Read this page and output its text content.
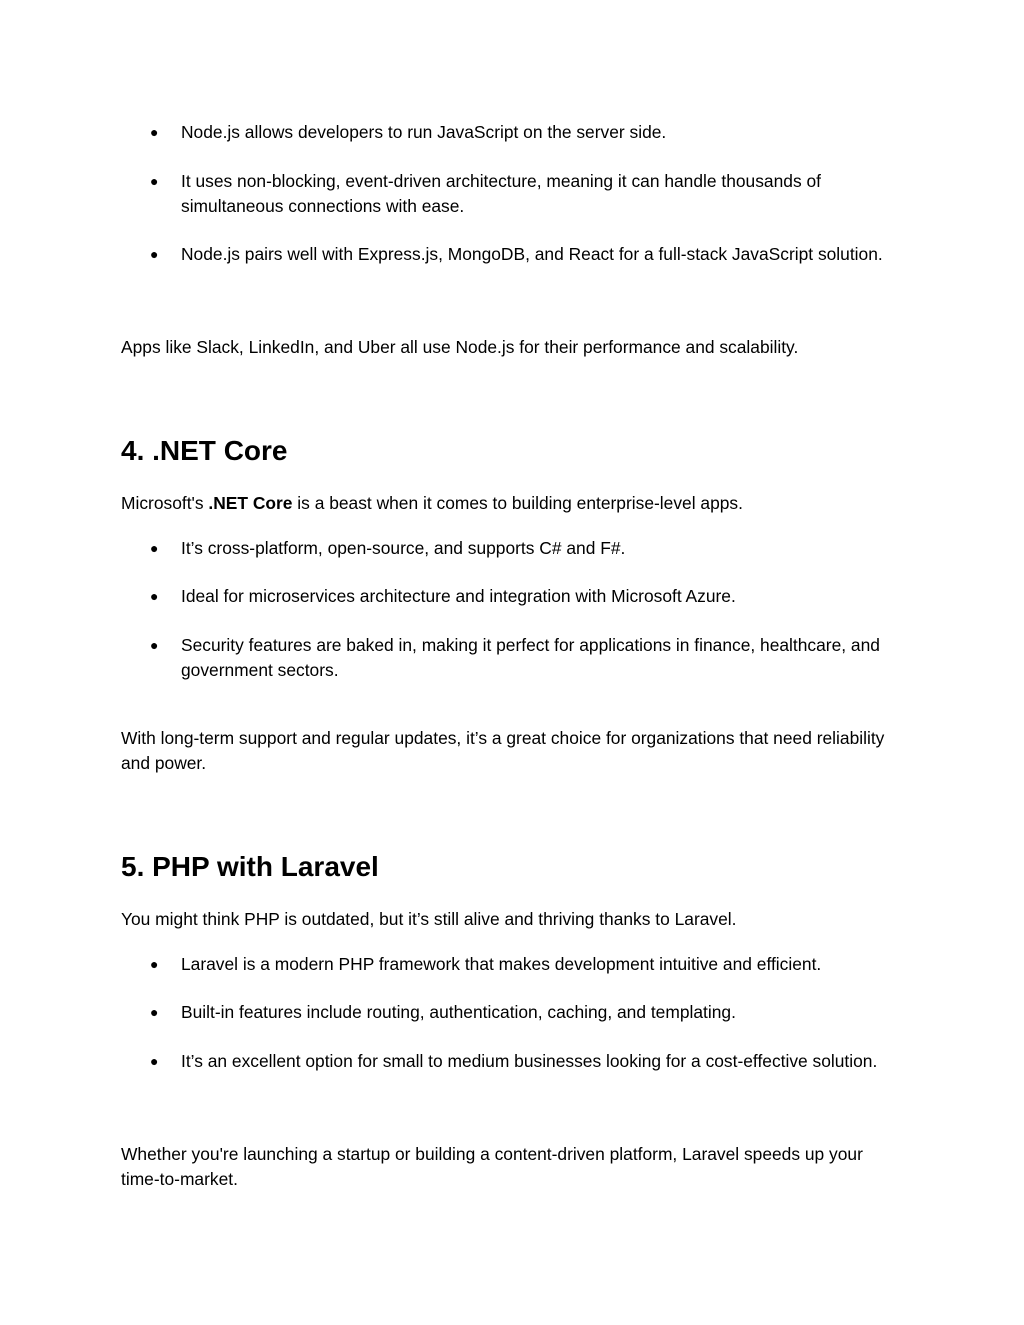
● Node.js allows developers to run JavaScript on the server side.
● It uses non-blocking, event-driven architecture, meaning it can handle thousands of simultaneous connections with ease.
● Node.js pairs well with Express.js, MongoDB, and React for a full-stack JavaScript solution.

Apps like Slack, LinkedIn, and Uber all use Node.js for their performance and scalability.

4. .NET Core

Microsoft's .NET Core is a beast when it comes to building enterprise-level apps.

● It’s cross-platform, open-source, and supports C# and F#.
● Ideal for microservices architecture and integration with Microsoft Azure.
● Security features are baked in, making it perfect for applications in finance, healthcare, and government sectors.

With long-term support and regular updates, it’s a great choice for organizations that need reliability and power.

5. PHP with Laravel

You might think PHP is outdated, but it’s still alive and thriving thanks to Laravel.

● Laravel is a modern PHP framework that makes development intuitive and efficient.
● Built-in features include routing, authentication, caching, and templating.
● It’s an excellent option for small to medium businesses looking for a cost-effective solution.

Whether you're launching a startup or building a content-driven platform, Laravel speeds up your time-to-market.
